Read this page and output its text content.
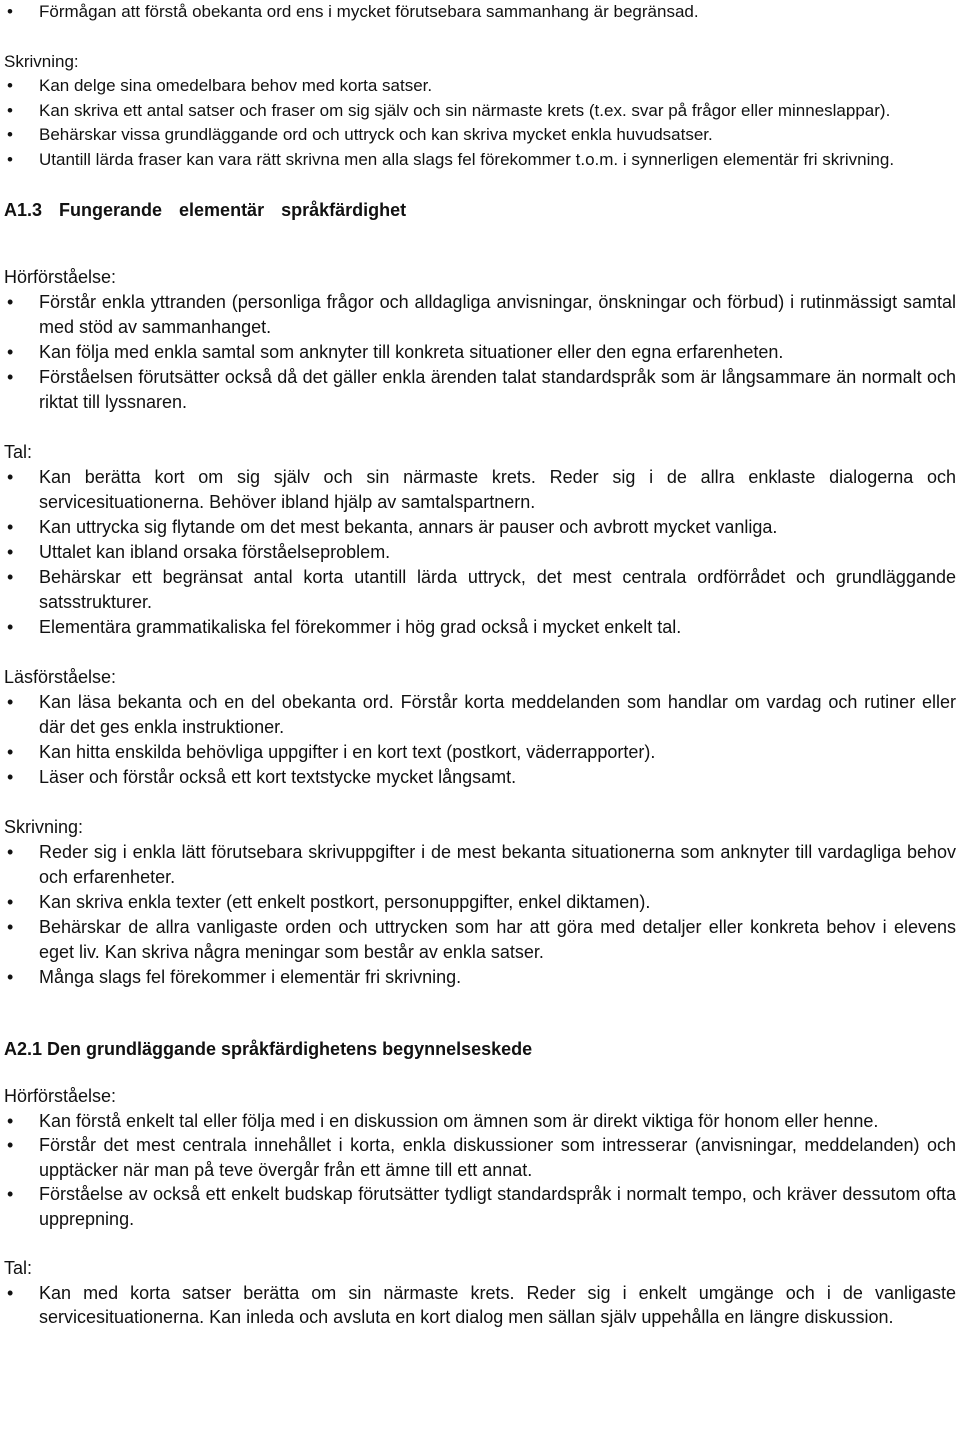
• Förmågan att förstå obekanta ord ens i mycket förutsebara sammanhang är begränsad.

Skrivning:

• Kan delge sina omedelbara behov med korta satser.
• Kan skriva ett antal satser och fraser om sig själv och sin närmaste krets (t.ex. svar på frågor eller minneslappar).
• Behärskar vissa grundläggande ord och uttryck och kan skriva mycket enkla huvudsatser.
• Utantill lärda fraser kan vara rätt skrivna men alla slags fel förekommer t.o.m. i synnerligen elementär fri skrivning.

A1.3 Fungerande elementär språkfärdighet

Hörförståelse:

• Förstår enkla yttranden (personliga frågor och alldagliga anvisningar, önskningar och förbud) i rutinmässigt samtal med stöd av sammanhanget.
• Kan följa med enkla samtal som anknyter till konkreta situationer eller den egna erfarenheten.
• Förståelsen förutsätter också då det gäller enkla ärenden talat standardspråk som är långsammare än normalt och riktat till lyssnaren.

Tal:

• Kan berätta kort om sig själv och sin närmaste krets. Reder sig i de allra enklaste dialogerna och servicesituationerna. Behöver ibland hjälp av samtalspartnern.
• Kan uttrycka sig flytande om det mest bekanta, annars är pauser och avbrott mycket vanliga.
• Uttalet kan ibland orsaka förståelseproblem.
• Behärskar ett begränsat antal korta utantill lärda uttryck, det mest centrala ordförrådet och grundläggande satsstrukturer.
• Elementära grammatikaliska fel förekommer i hög grad också i mycket enkelt tal.

Läsförståelse:

• Kan läsa bekanta och en del obekanta ord. Förstår korta meddelanden som handlar om vardag och rutiner eller där det ges enkla instruktioner.
• Kan hitta enskilda behövliga uppgifter i en kort text (postkort, väderrapporter).
• Läser och förstår också ett kort textstycke mycket långsamt.

Skrivning:

• Reder sig i enkla lätt förutsebara skrivuppgifter i de mest bekanta situationerna som anknyter till vardagliga behov och erfarenheter.
• Kan skriva enkla texter (ett enkelt postkort, personuppgifter, enkel diktamen).
• Behärskar de allra vanligaste orden och uttrycken som har att göra med detaljer eller konkreta behov i elevens eget liv. Kan skriva några meningar som består av enkla satser.
• Många slags fel förekommer i elementär fri skrivning.

A2.1 Den grundläggande språkfärdighetens begynnelseskede

Hörförståelse:

• Kan förstå enkelt tal eller följa med i en diskussion om ämnen som är direkt viktiga för honom eller henne.
• Förstår det mest centrala innehållet i korta, enkla diskussioner som intresserar (anvisningar, meddelanden) och upptäcker när man på teve övergår från ett ämne till ett annat.
• Förståelse av också ett enkelt budskap förutsätter tydligt standardspråk i normalt tempo, och kräver dessutom ofta upprepning.

Tal:

• Kan med korta satser berätta om sin närmaste krets. Reder sig i enkelt umgänge och i de vanligaste servicesituationerna. Kan inleda och avsluta en kort dialog men sällan själv uppehålla en längre diskussion.
